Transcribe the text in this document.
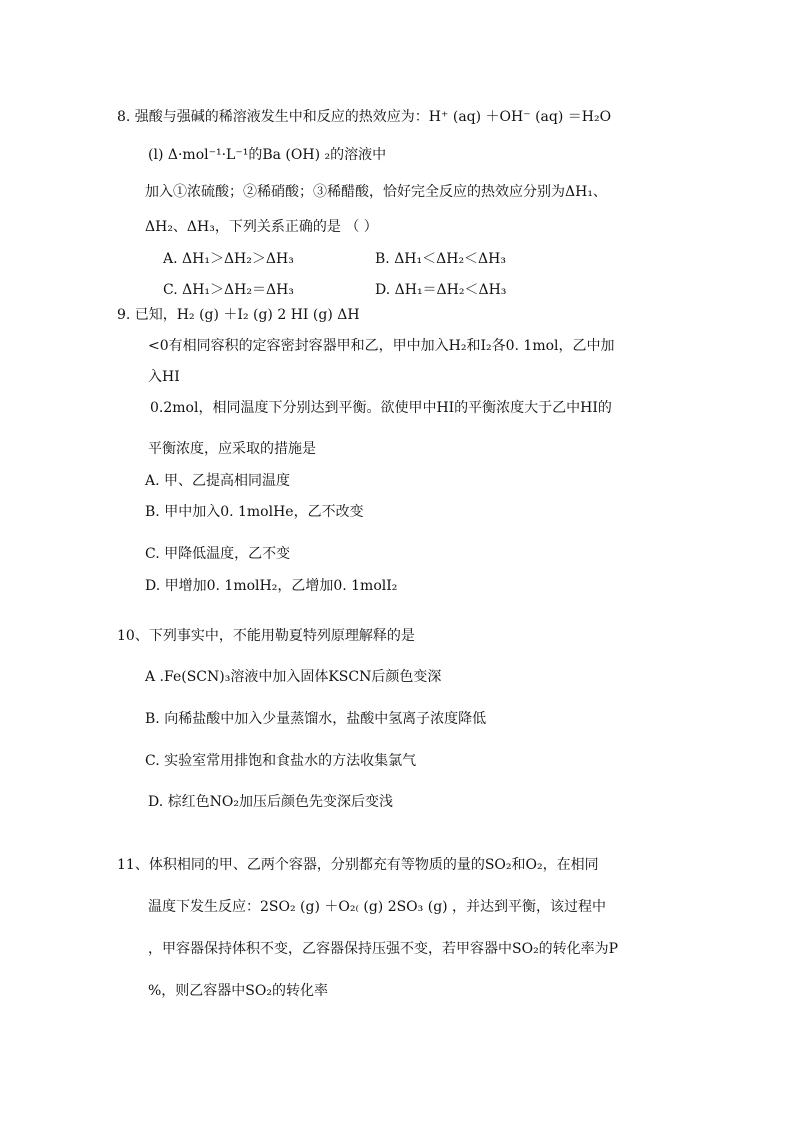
8. 强酸与强碱的稀溶液发生中和反应的热效应为：H⁺ (aq) ＋OH⁻ (aq) ＝H₂O
(l) Δ·mol⁻¹·L⁻¹的Ba (OH) ₂的溶液中
加入①浓硫酸；②稀硝酸；③稀醋酸，恰好完全反应的热效应分别为ΔH₁、
ΔH₂、ΔH₃，下列关系正确的是 （ ）
A. ΔH₁＞ΔH₂＞ΔH₃	B. ΔH₁＜ΔH₂＜ΔH₃
C. ΔH₁＞ΔH₂＝ΔH₃	D. ΔH₁＝ΔH₂＜ΔH₃
9. 已知，H₂ (g) ＋I₂ (g) 2 HI (g) ΔH
<0有相同容积的定容密封容器甲和乙，甲中加入H₂和I₂各0. 1mol，乙中加
入HI
0.2mol，相同温度下分别达到平衡。欲使甲中HI的平衡浓度大于乙中HI的
平衡浓度，应采取的措施是
A. 甲、乙提高相同温度
B. 甲中加入0. 1molHe，乙不改变
C. 甲降低温度，乙不变
D. 甲增加0. 1molH₂，乙增加0. 1molI₂
10、下列事实中，不能用勒夏特列原理解释的是
A .Fe(SCN)₃溶液中加入固体KSCN后颜色变深
B. 向稀盐酸中加入少量蒸馏水，盐酸中氢离子浓度降低
C. 实验室常用排饱和食盐水的方法收集氯气
D. 棕红色NO₂加压后颜色先变深后变浅
11、体积相同的甲、乙两个容器，分别都充有等物质的量的SO₂和O₂，在相同
温度下发生反应：2SO₂ (g) ＋O₂₍ (g) 2SO₃ (g) ，并达到平衡，该过程中
，甲容器保持体积不变，乙容器保持压强不变，若甲容器中SO₂的转化率为P
%，则乙容器中SO₂的转化率
